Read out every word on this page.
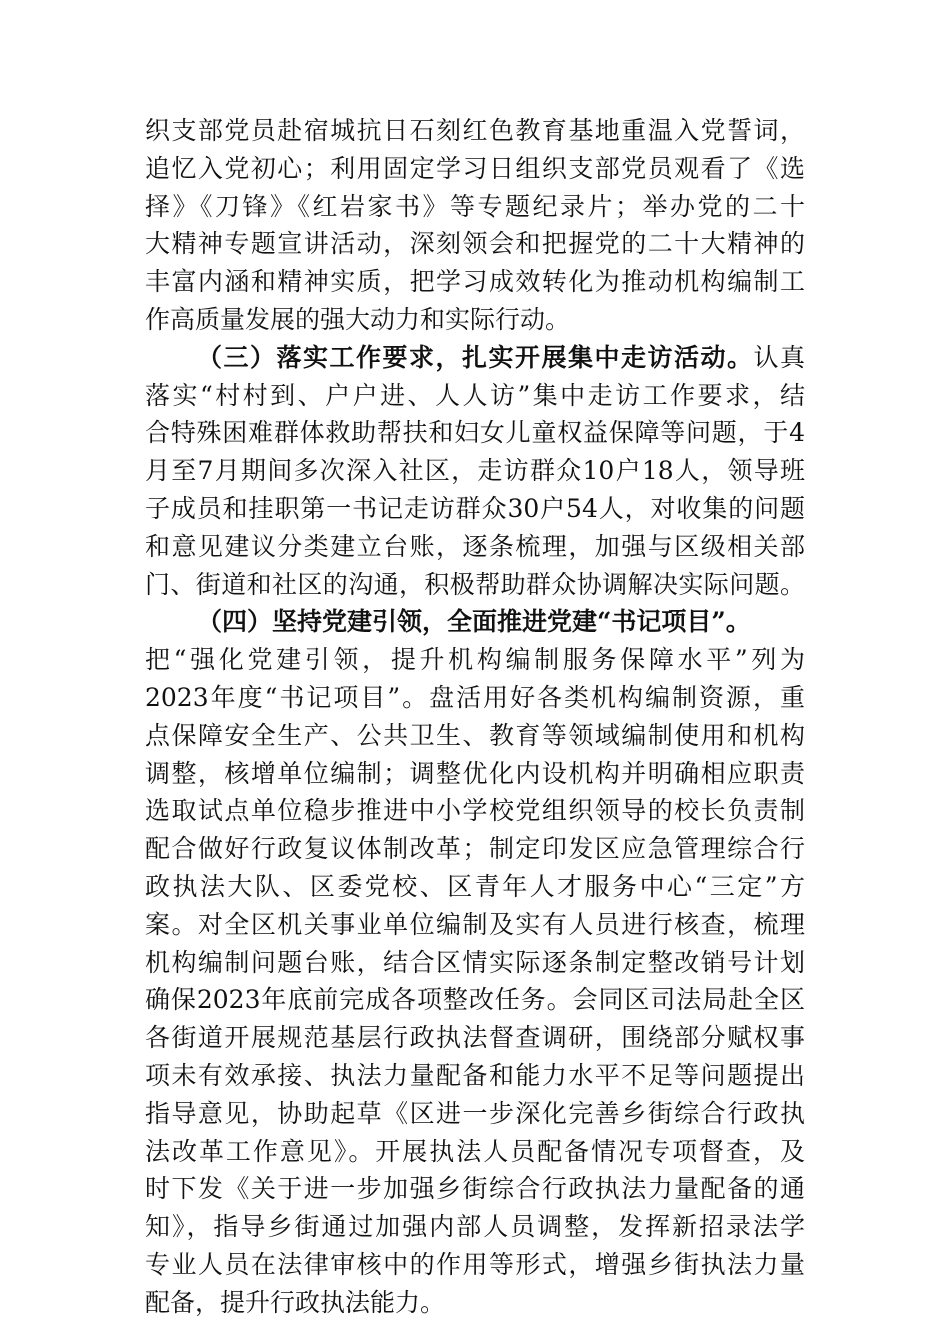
织支部党员赴宿城抗日石刻红色教育基地重温入党誓词，
追忆入党初心；利用固定学习日组织支部党员观看了《选
择》《刀锋》《红岩家书》等专题纪录片；举办党的二十
大精神专题宣讲活动，深刻领会和把握党的二十大精神的
丰富内涵和精神实质，把学习成效转化为推动机构编制工
作高质量发展的强大动力和实际行动。
（三）落实工作要求，扎实开展集中走访活动。认真
落实“村村到、户户进、人人访”集中走访工作要求，结
合特殊困难群体救助帮扶和妇女儿童权益保障等问题，于4
月至7月期间多次深入社区，走访群众10户18人，领导班
子成员和挂职第一书记走访群众30户54人，对收集的问题
和意见建议分类建立台账，逐条梳理，加强与区级相关部
门、街道和社区的沟通，积极帮助群众协调解决实际问题。
（四）坚持党建引领，全面推进党建“书记项目”。
把“强化党建引领，提升机构编制服务保障水平”列为
2023年度“书记项目”。盘活用好各类机构编制资源，重
点保障安全生产、公共卫生、教育等领域编制使用和机构
调整，核增单位编制；调整优化内设机构并明确相应职责
选取试点单位稳步推进中小学校党组织领导的校长负责制
配合做好行政复议体制改革；制定印发区应急管理综合行
政执法大队、区委党校、区青年人才服务中心“三定”方
案。对全区机关事业单位编制及实有人员进行核查，梳理
机构编制问题台账，结合区情实际逐条制定整改销号计划
确保2023年底前完成各项整改任务。会同区司法局赴全区
各街道开展规范基层行政执法督查调研，围绕部分赋权事
项未有效承接、执法力量配备和能力水平不足等问题提出
指导意见，协助起草《区进一步深化完善乡街综合行政执
法改革工作意见》。开展执法人员配备情况专项督查，及
时下发《关于进一步加强乡街综合行政执法力量配备的通
知》，指导乡街通过加强内部人员调整，发挥新招录法学
专业人员在法律审核中的作用等形式，增强乡街执法力量
配备，提升行政执法能力。
